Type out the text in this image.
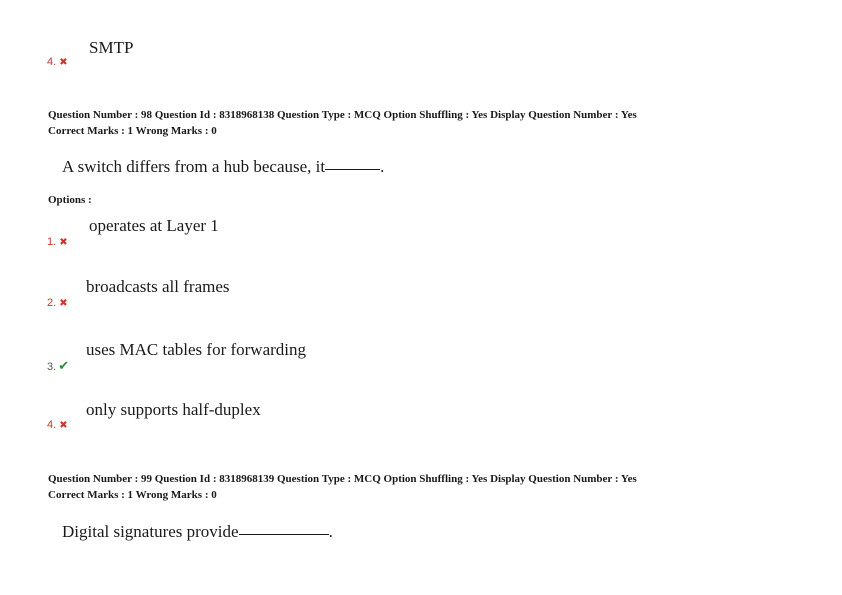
SMTP
4. ✖
Question Number : 98 Question Id : 8318968138 Question Type : MCQ Option Shuffling : Yes Display Question Number : Yes
Correct Marks : 1 Wrong Marks : 0
A switch differs from a hub because, it	.
Options :
operates at Layer 1
1. ✖
broadcasts all frames
2. ✖
uses MAC tables for forwarding
3. ✔
only supports half-duplex
4. ✖
Question Number : 99 Question Id : 8318968139 Question Type : MCQ Option Shuffling : Yes Display Question Number : Yes
Correct Marks : 1 Wrong Marks : 0
Digital signatures provide	.
